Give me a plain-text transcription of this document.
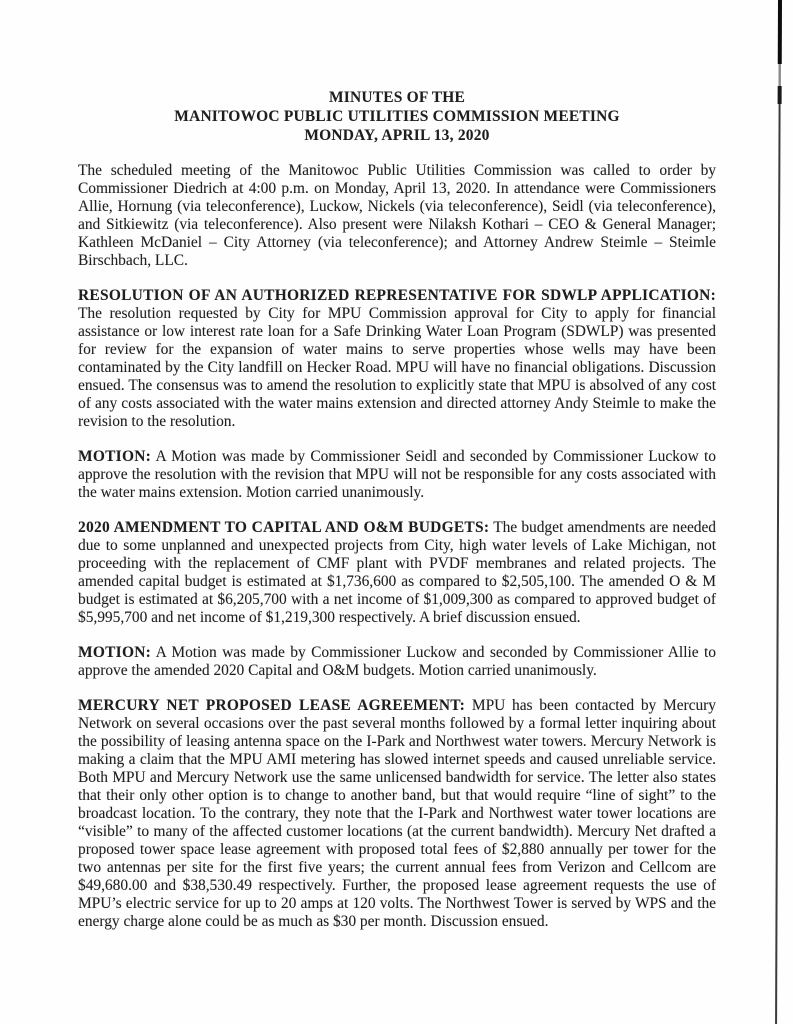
MINUTES OF THE
MANITOWOC PUBLIC UTILITIES COMMISSION MEETING
MONDAY, APRIL 13, 2020

The scheduled meeting of the Manitowoc Public Utilities Commission was called to order by Commissioner Diedrich at 4:00 p.m. on Monday, April 13, 2020. In attendance were Commissioners Allie, Hornung (via teleconference), Luckow, Nickels (via teleconference), Seidl (via teleconference), and Sitkiewitz (via teleconference). Also present were Nilaksh Kothari – CEO & General Manager; Kathleen McDaniel – City Attorney (via teleconference); and Attorney Andrew Steimle – Steimle Birschbach, LLC.

RESOLUTION OF AN AUTHORIZED REPRESENTATIVE FOR SDWLP APPLICATION: The resolution requested by City for MPU Commission approval for City to apply for financial assistance or low interest rate loan for a Safe Drinking Water Loan Program (SDWLP) was presented for review for the expansion of water mains to serve properties whose wells may have been contaminated by the City landfill on Hecker Road. MPU will have no financial obligations. Discussion ensued. The consensus was to amend the resolution to explicitly state that MPU is absolved of any cost of any costs associated with the water mains extension and directed attorney Andy Steimle to make the revision to the resolution.

MOTION: A Motion was made by Commissioner Seidl and seconded by Commissioner Luckow to approve the resolution with the revision that MPU will not be responsible for any costs associated with the water mains extension. Motion carried unanimously.

2020 AMENDMENT TO CAPITAL AND O&M BUDGETS: The budget amendments are needed due to some unplanned and unexpected projects from City, high water levels of Lake Michigan, not proceeding with the replacement of CMF plant with PVDF membranes and related projects. The amended capital budget is estimated at $1,736,600 as compared to $2,505,100. The amended O & M budget is estimated at $6,205,700 with a net income of $1,009,300 as compared to approved budget of $5,995,700 and net income of $1,219,300 respectively. A brief discussion ensued.

MOTION: A Motion was made by Commissioner Luckow and seconded by Commissioner Allie to approve the amended 2020 Capital and O&M budgets. Motion carried unanimously.

MERCURY NET PROPOSED LEASE AGREEMENT: MPU has been contacted by Mercury Network on several occasions over the past several months followed by a formal letter inquiring about the possibility of leasing antenna space on the I-Park and Northwest water towers. Mercury Network is making a claim that the MPU AMI metering has slowed internet speeds and caused unreliable service. Both MPU and Mercury Network use the same unlicensed bandwidth for service. The letter also states that their only other option is to change to another band, but that would require “line of sight” to the broadcast location. To the contrary, they note that the I-Park and Northwest water tower locations are “visible” to many of the affected customer locations (at the current bandwidth). Mercury Net drafted a proposed tower space lease agreement with proposed total fees of $2,880 annually per tower for the two antennas per site for the first five years; the current annual fees from Verizon and Cellcom are $49,680.00 and $38,530.49 respectively. Further, the proposed lease agreement requests the use of MPU’s electric service for up to 20 amps at 120 volts. The Northwest Tower is served by WPS and the energy charge alone could be as much as $30 per month. Discussion ensued.
